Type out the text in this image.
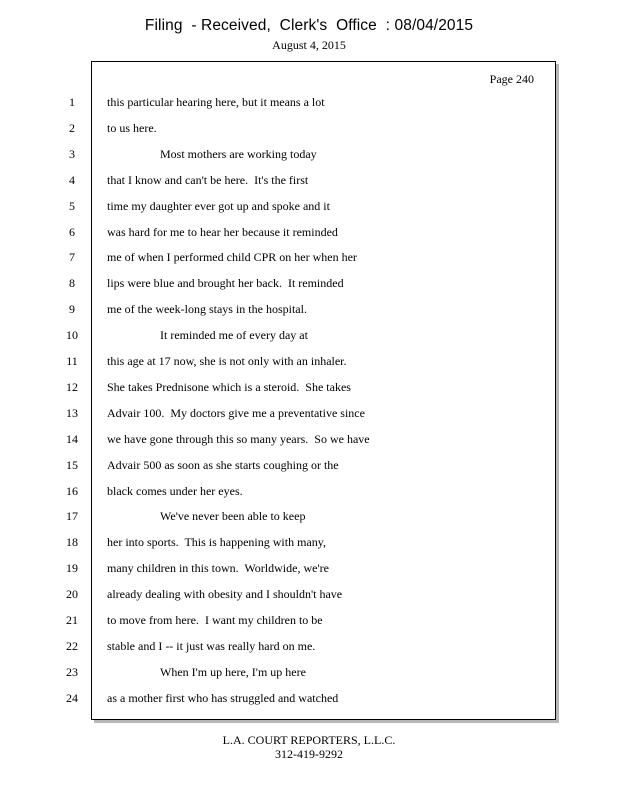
Filing  - Received,  Clerk's  Office  : 08/04/2015
August 4, 2015
Page 240
1	this particular hearing here, but it means a lot
2	to us here.
3	Most mothers are working today
4	that I know and can't be here.  It's the first
5	time my daughter ever got up and spoke and it
6	was hard for me to hear her because it reminded
7	me of when I performed child CPR on her when her
8	lips were blue and brought her back.  It reminded
9	me of the week-long stays in the hospital.
10	It reminded me of every day at
11	this age at 17 now, she is not only with an inhaler.
12	She takes Prednisone which is a steroid.  She takes
13	Advair 100.  My doctors give me a preventative since
14	we have gone through this so many years.  So we have
15	Advair 500 as soon as she starts coughing or the
16	black comes under her eyes.
17	We've never been able to keep
18	her into sports.  This is happening with many,
19	many children in this town.  Worldwide, we're
20	already dealing with obesity and I shouldn't have
21	to move from here.  I want my children to be
22	stable and I -- it just was really hard on me.
23	When I'm up here, I'm up here
24	as a mother first who has struggled and watched
L.A. COURT REPORTERS, L.L.C.
312-419-9292
